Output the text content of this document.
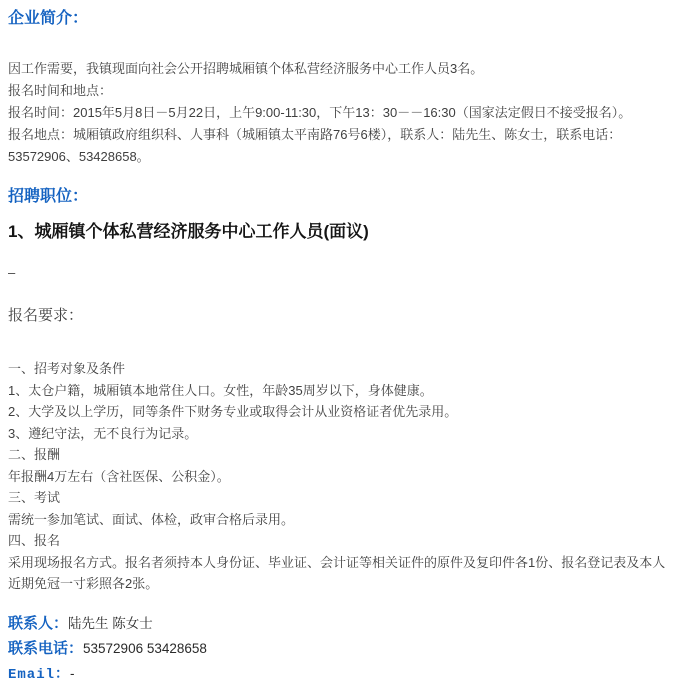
企业简介：
因工作需要，我镇现面向社会公开招聘城厢镇个体私营经济服务中心工作人员3名。
报名时间和地点：
报名时间：2015年5月8日－5月22日，上午9:00-11:30，下午13：30－－16:30（国家法定假日不接受报名）。
报名地点：城厢镇政府组织科、人事科（城厢镇太平南路76号6楼），联系人：陆先生、陈女士，联系电话：53572906、53428658。
招聘职位：
1、城厢镇个体私营经济服务中心工作人员(面议)
–
报名要求：
一、招考对象及条件
1、太仓户籍，城厢镇本地常住人口。女性，年龄35周岁以下，身体健康。
2、大学及以上学历，同等条件下财务专业或取得会计从业资格证者优先录用。
3、遵纪守法，无不良行为记录。
二、报酬
年报酬4万左右（含社医保、公积金）。
三、考试
需统一参加笔试、面试、体检，政审合格后录用。
四、报名
采用现场报名方式。报名者须持本人身份证、毕业证、会计证等相关证件的原件及复印件各1份、报名登记表及本人近期免冠一寸彩照各2张。
联系人：陆先生 陈女士
联系电话：53572906 53428658
Email：-
